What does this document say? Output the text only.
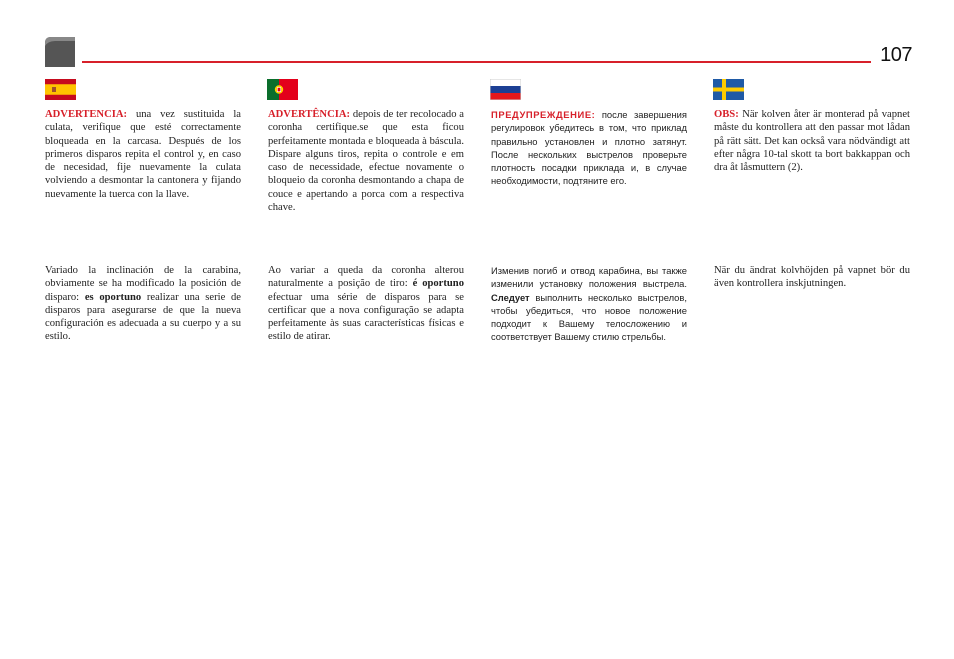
107

ADVERTENCIA: una vez sustituida la culata, verifique que esté correctamente bloqueada en la carcasa. Después de los primeros disparos repita el control y, en caso de necesidad, fije nuevamente la culata volviendo a desmontar la cantonera y fijando nuevamente la tuerca con la llave.

Variado la inclinación de la carabina, obviamente se ha modificado la posición de disparo: es oportuno realizar una serie de disparos para asegurarse de que la nueva configuración es adecuada a su cuerpo y a su estilo.

ADVERTÊNCIA: depois de ter recolocado a coronha certifique.se que esta ficou perfeitamente montada e bloqueada à báscula. Dispare alguns tiros, repita o controle e em caso de necessidade, efectue novamente o bloqueio da coronha desmontando a chapa de couce e apertando a porca com a respectiva chave.

Ao variar a queda da coronha alterou naturalmente a posição de tiro: é oportuno efectuar uma série de disparos para se certificar que a nova configuração se adapta perfeitamente às suas características físicas e estilo de atirar.

ПРЕДУПРЕЖДЕНИЕ: после завершения регулировок убедитесь в том, что приклад правильно установлен и плотно затянут. После нескольких выстрелов проверьте плотность посадки приклада и, в случае необходимости, подтяните его.

Изменив погиб и отвод карабина, вы также изменили установку положения выстрела. Следует выполнить несколько выстрелов, чтобы убедиться, что новое положение подходит к Вашему телосложению и соответствует Вашему стилю стрельбы.

OBS: När kolven åter är monterad på vapnet måste du kontrollera att den passar mot lådan på rätt sätt. Det kan också vara nödvändigt att efter några 10-tal skott ta bort bakkappan och dra åt låsmuttern (2).

När du ändrat kolvhöjden på vapnet bör du även kontrollera inskjutningen.
